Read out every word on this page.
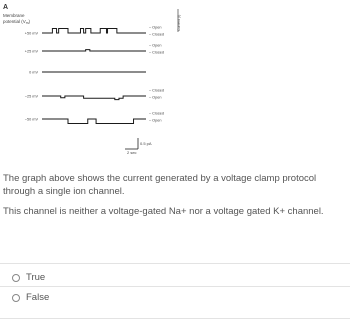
A
Membrane
potential $(V_m)$
+50 mV
– Open
– Closed
+25 mV
– Open
– Closed
0 mV
−25 mV
– Closed
– Open
−50 mV
– Closed
– Open
0.5 pA
2 sec
Current (I)

The graph above shows the current generated by a voltage clamp protocol through a single ion channel.

This channel is neither a voltage-gated Na+ nor a voltage gated K+ channel.

True
False
